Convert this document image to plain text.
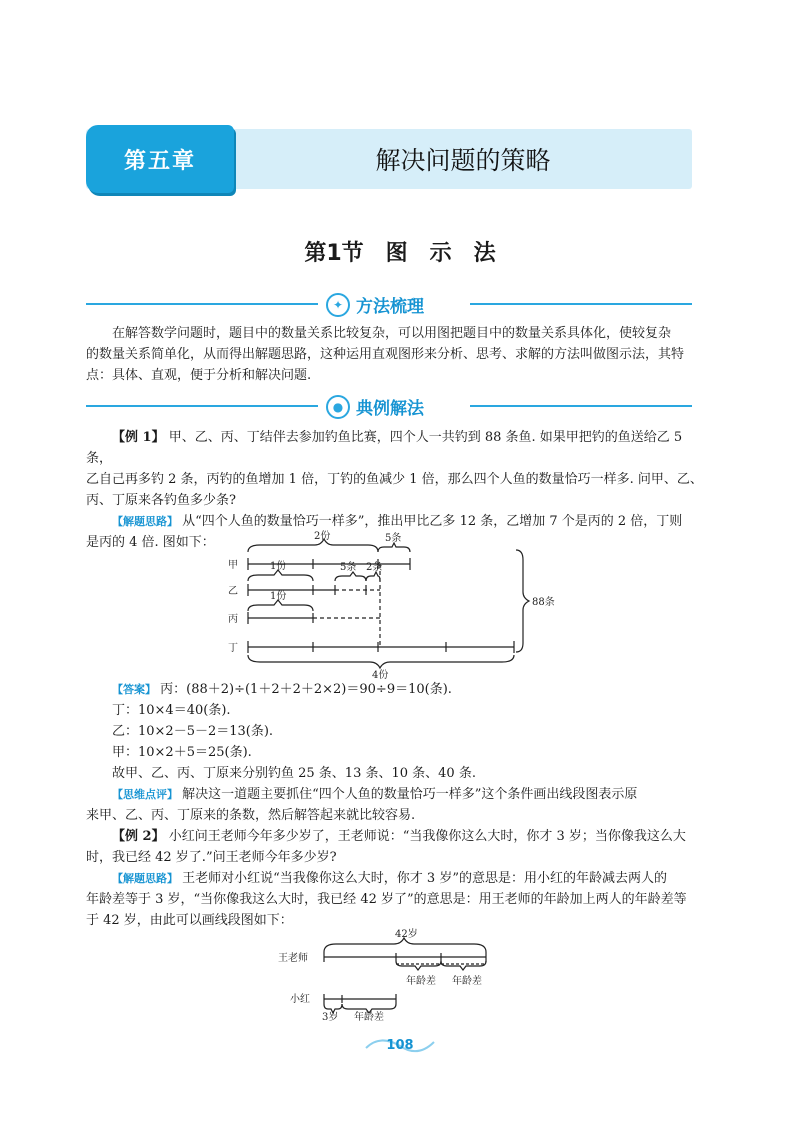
第五章	解决问题的策略
第1节　图　示　法
✦ 方法梳理
在解答数学问题时，题目中的数量关系比较复杂，可以用图把题目中的数量关系具体化，使较复杂
的数量关系简单化，从而得出解题思路，这种运用直观图形来分析、思考、求解的方法叫做图示法，其特
点：具体、直观，便于分析和解决问题.
● 典例解法
【例 1】 甲、乙、丙、丁结伴去参加钓鱼比赛，四个人一共钓到 88 条鱼. 如果甲把钓的鱼送给乙 5 条，
乙自己再多钓 2 条，丙钓的鱼增加 1 倍，丁钓的鱼减少 1 倍，那么四个人鱼的数量恰巧一样多. 问甲、乙、
丙、丁原来各钓鱼多少条?
【解题思路】 从“四个人鱼的数量恰巧一样多”，推出甲比乙多 12 条，乙增加 7 个是丙的 2 倍，丁则
是丙的 4 倍. 图如下：
甲
乙
丙
丁
2份	5条
1份	5条 2条
1份
4份
88条
【答案】 丙：(88＋2)÷(1＋2＋2＋2×2)＝90÷9＝10(条).
丁：10×4＝40(条).
乙：10×2－5－2＝13(条).
甲：10×2＋5＝25(条).
故甲、乙、丙、丁原来分别钓鱼 25 条、13 条、10 条、40 条.
【思维点评】 解决这一道题主要抓住“四个人鱼的数量恰巧一样多”这个条件画出线段图表示原
来甲、乙、丙、丁原来的条数，然后解答起来就比较容易.
【例 2】 小红问王老师今年多少岁了，王老师说：“当我像你这么大时，你才 3 岁；当你像我这么大
时，我已经 42 岁了.”问王老师今年多少岁?
【解题思路】 王老师对小红说“当我像你这么大时，你才 3 岁”的意思是：用小红的年龄减去两人的
年龄差等于 3 岁，“当你像我这么大时，我已经 42 岁了”的意思是：用王老师的年龄加上两人的年龄差等
于 42 岁，由此可以画线段图如下：
王老师
42岁
年龄差 年龄差
小红
3岁 年龄差
108
